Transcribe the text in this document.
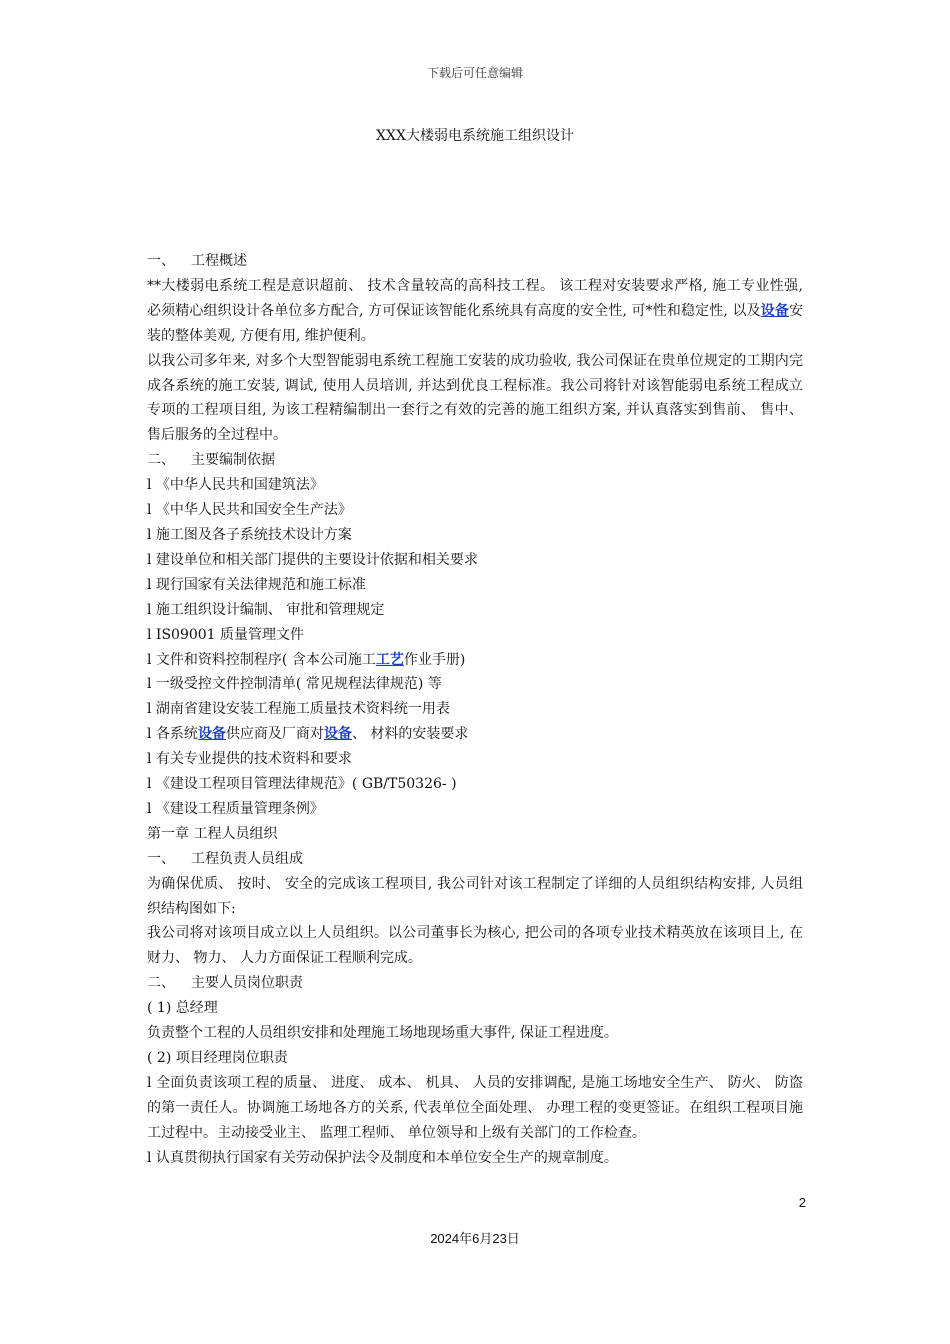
下载后可任意编辑
XXX大楼弱电系统施工组织设计

一、 工程概述

**大楼弱电系统工程是意识超前、 技术含量较高的高科技工程。 该工程对安装要求严格, 施工专业性强, 必须精心组织设计各单位多方配合, 方可保证该智能化系统具有高度的安全性, 可*性和稳定性, 以及设备安装的整体美观, 方便有用, 维护便利。

以我公司多年来, 对多个大型智能弱电系统工程施工安装的成功验收, 我公司保证在贵单位规定的工期内完成各系统的施工安装, 调试, 使用人员培训, 并达到优良工程标准。我公司将针对该智能弱电系统工程成立专项的工程项目组, 为该工程精编制出一套行之有效的完善的施工组织方案, 并认真落实到售前、 售中、 售后服务的全过程中。

二、 主要编制依据

l 《中华人民共和国建筑法》

l 《中华人民共和国安全生产法》

l 施工图及各子系统技术设计方案

l 建设单位和相关部门提供的主要设计依据和相关要求

l 现行国家有关法律规范和施工标准

l 施工组织设计编制、 审批和管理规定

l IS09001 质量管理文件

l 文件和资料控制程序( 含本公司施工工艺作业手册)

l 一级受控文件控制清单( 常见规程法律规范) 等

l 湖南省建设安装工程施工质量技术资料统一用表

l 各系统设备供应商及厂商对设备、 材料的安装要求

l 有关专业提供的技术资料和要求

l 《建设工程项目管理法律规范》( GB/T50326- )

l 《建设工程质量管理条例》

第一章 工程人员组织

一、 工程负责人员组成

为确保优质、 按时、 安全的完成该工程项目, 我公司针对该工程制定了详细的人员组织结构安排, 人员组织结构图如下:

我公司将对该项目成立以上人员组织。以公司董事长为核心, 把公司的各项专业技术精英放在该项目上, 在财力、 物力、 人力方面保证工程顺利完成。

二、 主要人员岗位职责

( 1) 总经理

负责整个工程的人员组织安排和处理施工场地现场重大事件, 保证工程进度。

( 2) 项目经理岗位职责

l 全面负责该项工程的质量、 进度、 成本、 机具、 人员的安排调配, 是施工场地安全生产、 防火、 防盗的第一责任人。协调施工场地各方的关系, 代表单位全面处理、 办理工程的变更签证。在组织工程项目施工过程中。主动接受业主、 监理工程师、 单位领导和上级有关部门的工作检查。

l 认真贯彻执行国家有关劳动保护法令及制度和本单位安全生产的规章制度。

2
2024年6月23日
